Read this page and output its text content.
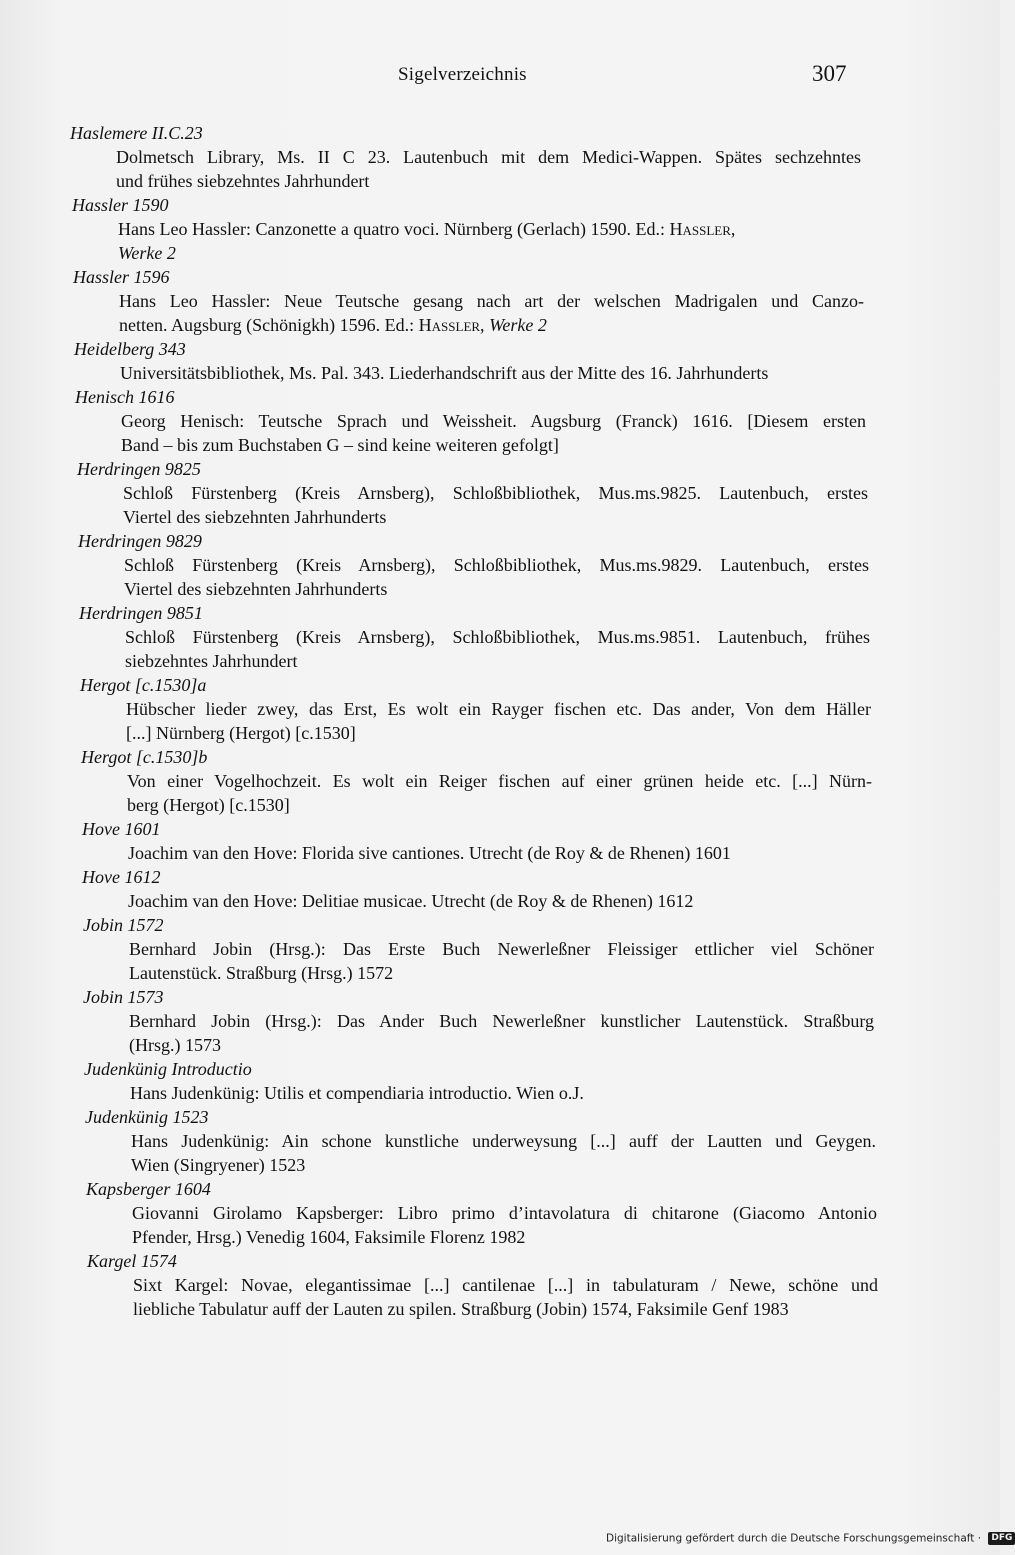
Sigelverzeichnis	307
Haslemere II.C.23
Dolmetsch Library, Ms. II C 23. Lautenbuch mit dem Medici-Wappen. Spätes sechzehntes
und frühes siebzehntes Jahrhundert
Hassler 1590
Hans Leo Hassler: Canzonette a quatro voci. Nürnberg (Gerlach) 1590. Ed.: Hassler,
Werke 2
Hassler 1596
Hans Leo Hassler: Neue Teutsche gesang nach art der welschen Madrigalen und Canzo-
netten. Augsburg (Schönigkh) 1596. Ed.: Hassler, Werke 2
Heidelberg 343
Universitätsbibliothek, Ms. Pal. 343. Liederhandschrift aus der Mitte des 16. Jahrhunderts
Henisch 1616
Georg Henisch: Teutsche Sprach und Weissheit. Augsburg (Franck) 1616. [Diesem ersten
Band – bis zum Buchstaben G – sind keine weiteren gefolgt]
Herdringen 9825
Schloß Fürstenberg (Kreis Arnsberg), Schloßbibliothek, Mus.ms.9825. Lautenbuch, erstes
Viertel des siebzehnten Jahrhunderts
Herdringen 9829
Schloß Fürstenberg (Kreis Arnsberg), Schloßbibliothek, Mus.ms.9829. Lautenbuch, erstes
Viertel des siebzehnten Jahrhunderts
Herdringen 9851
Schloß Fürstenberg (Kreis Arnsberg), Schloßbibliothek, Mus.ms.9851. Lautenbuch, frühes
siebzehntes Jahrhundert
Hergot [c.1530]a
Hübscher lieder zwey, das Erst, Es wolt ein Rayger fischen etc. Das ander, Von dem Häller
[...] Nürnberg (Hergot) [c.1530]
Hergot [c.1530]b
Von einer Vogelhochzeit. Es wolt ein Reiger fischen auf einer grünen heide etc. [...] Nürn-
berg (Hergot) [c.1530]
Hove 1601
Joachim van den Hove: Florida sive cantiones. Utrecht (de Roy & de Rhenen) 1601
Hove 1612
Joachim van den Hove: Delitiae musicae. Utrecht (de Roy & de Rhenen) 1612
Jobin 1572
Bernhard Jobin (Hrsg.): Das Erste Buch Newerleßner Fleissiger ettlicher viel Schöner
Lautenstück. Straßburg (Hrsg.) 1572
Jobin 1573
Bernhard Jobin (Hrsg.): Das Ander Buch Newerleßner kunstlicher Lautenstück. Straßburg
(Hrsg.) 1573
Judenkünig Introductio
Hans Judenkünig: Utilis et compendiaria introductio. Wien o.J.
Judenkünig 1523
Hans Judenkünig: Ain schone kunstliche underweysung [...] auff der Lautten und Geygen.
Wien (Singryener) 1523
Kapsberger 1604
Giovanni Girolamo Kapsberger: Libro primo d’intavolatura di chitarone (Giacomo Antonio
Pfender, Hrsg.) Venedig 1604, Faksimile Florenz 1982
Kargel 1574
Sixt Kargel: Novae, elegantissimae [...] cantilenae [...] in tabulaturam / Newe, schöne und
liebliche Tabulatur auff der Lauten zu spilen. Straßburg (Jobin) 1574, Faksimile Genf 1983
Digitalisierung gefördert durch die Deutsche Forschungsgemeinschaft · DFG
